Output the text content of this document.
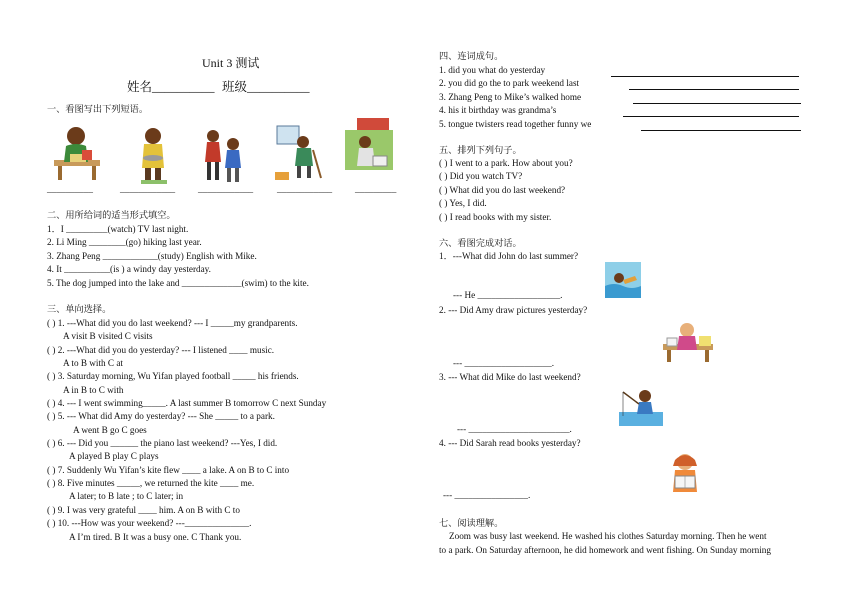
Unit 3 测试
姓名__________ 班级__________
一、看图写出下列短语。
__________	____________ ____________	____________ _________
二、用所给词的适当形式填空。
1．I _________(watch) TV last night.
2. Li Ming ________(go) hiking last year.
3. Zhang Peng ____________(study) English with Mike.
4. It __________(is ) a windy day yesterday.
5. The dog jumped into the lake and _____________(swim) to the kite.
三、单向选择。
( ) 1. ---What did you do last weekend? --- I _____my grandparents.
A visit B visited C visits
( ) 2. ---What did you do yesterday? --- I listened ____ music.
A to B with C at
( ) 3. Saturday morning, Wu Yifan played football _____ his friends.
A in B to C with
( ) 4. --- I went swimming_____. A last summer B tomorrow C next Sunday
( ) 5. --- What did Amy do yesterday? --- She _____ to a park.
A went B go C goes
( ) 6. --- Did you ______ the piano last weekend? ---Yes, I did.
A played B play C plays
( ) 7. Suddenly Wu Yifan’s kite flew ____ a lake. A on B to C into
( ) 8. Five minutes _____, we returned the kite ____ me.
A later; to B late ; to C later; in
( ) 9. I was very grateful ____ him. A on B with C to
( ) 10. ---How was your weekend? ---______________.
A I’m tired. B It was a busy one. C Thank you.
四、连词成句。
1. did you what do yesterday
2. you did go the to park weekend last
3. Zhang Peng to Mike’s walked home
4. his it birthday was grandma’s
5. tongue twisters read together funny we
五、排列下列句子。
( ) I went to a park. How about you?
( ) Did you watch TV?
( ) What did you do last weekend?
( ) Yes, I did.
( ) I read books with my sister.
六、看图完成对话。
1．---What did John do last summer?
--- He __________________.
2. --- Did Amy draw pictures yesterday?
--- ___________________.
3. --- What did Mike do last weekend?
--- ______________________.
4. --- Did Sarah read books yesterday?
--- ________________.
七、阅读理解。
Zoom was busy last weekend. He washed his clothes Saturday morning. Then he went
to a park. On Saturday afternoon, he did homework and went fishing. On Sunday morning
